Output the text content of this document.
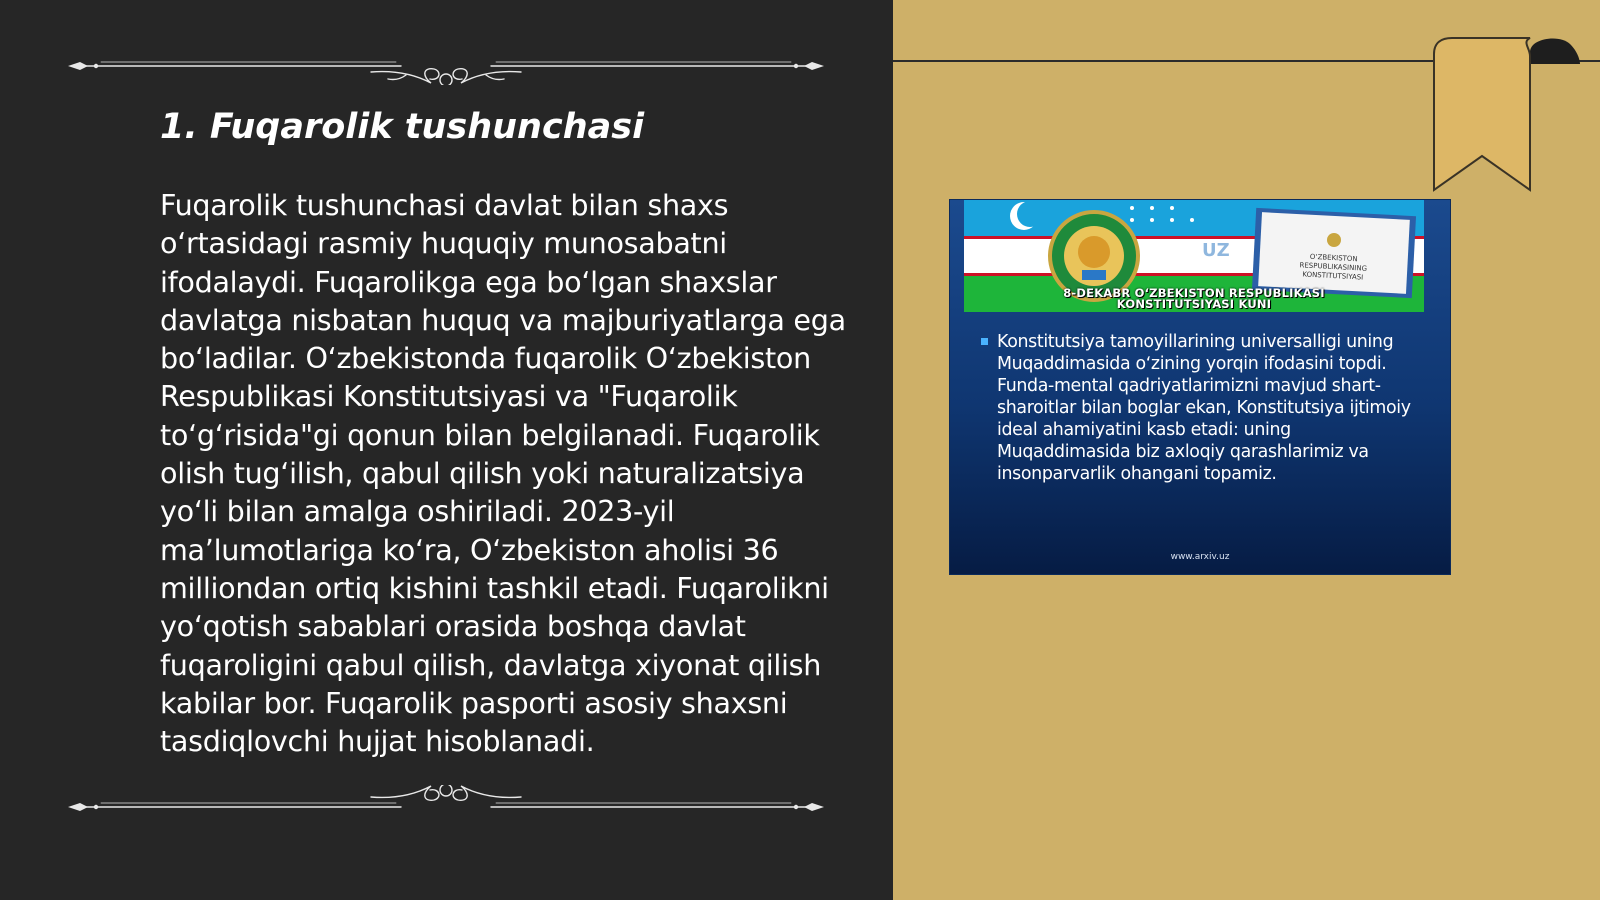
1. Fuqarolik tushunchasi

Fuqarolik tushunchasi davlat bilan shaxs oʻrtasidagi rasmiy huquqiy munosabatni ifodalaydi. Fuqarolikga ega boʻlgan shaxslar davlatga nisbatan huquq va majburiyatlarga ega boʻladilar. Oʻzbekistonda fuqarolik Oʻzbekiston Respublikasi Konstitutsiyasi va "Fuqarolik toʻgʻrisida"gi qonun bilan belgilanadi. Fuqarolik olish tugʻilish, qabul qilish yoki naturalizatsiya yoʻli bilan amalga oshiriladi. 2023-yil maʼlumotlariga koʻra, Oʻzbekiston aholisi 36 milliondan ortiq kishini tashkil etadi. Fuqarolikni yoʻqotish sabablari orasida boshqa davlat fuqaroligini qabul qilish, davlatga xiyonat qilish kabilar bor. Fuqarolik pasporti asosiy shaxsni tasdiqlovchi hujjat hisoblanadi.

UZ	OʻZBEKISTON
RESPUBLIKASINING
KONSTITUTSIYASI
8-DEKABR OʻZBEKISTON RESPUBLIKASI
KONSTITUTSIYASI KUNI

Konstitutsiya tamoyillarining universalligi uning Muqaddimasida oʻzining yorqin ifodasini topdi. Funda-mental qadriyatlarimizni mavjud shart-sharoitlar bilan boglar ekan, Konstitutsiya ijtimoiy ideal ahamiyatini kasb etadi: uning Muqaddimasida biz axloqiy qarashlarimiz va insonparvarlik ohangani topamiz.

www.arxiv.uz
